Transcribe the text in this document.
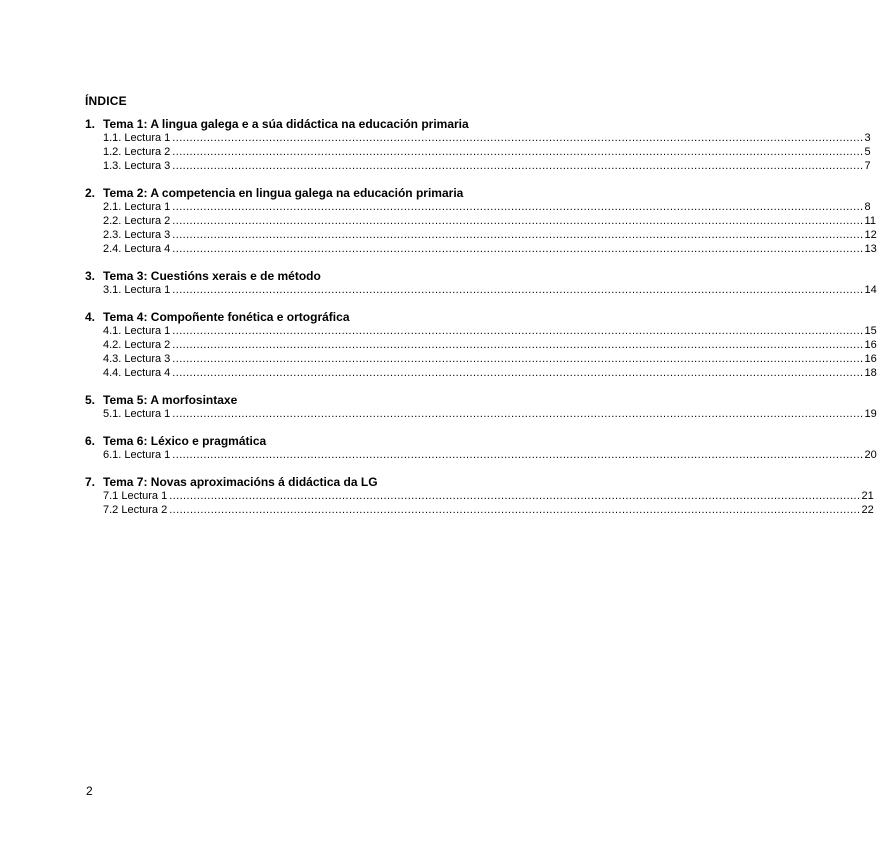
ÍNDICE
1. Tema 1: A lingua galega e a súa didáctica na educación primaria
1.1. Lectura 1 ........................................................................................................................................................................................................ 3
1.2. Lectura 2 ........................................................................................................................................................................................................ 5
1.3. Lectura 3 ........................................................................................................................................................................................................ 7
2. Tema 2: A competencia en lingua galega na educación primaria
2.1. Lectura 1 ........................................................................................................................................................................................................ 8
2.2. Lectura 2 ........................................................................................................................................................................................................ 11
2.3. Lectura 3 ........................................................................................................................................................................................................ 12
2.4. Lectura 4 ........................................................................................................................................................................................................ 13
3. Tema 3: Cuestións xerais e de método
3.1. Lectura 1 ........................................................................................................................................................................................................ 14
4. Tema 4: Compoñente fonética e ortográfica
4.1. Lectura 1 ........................................................................................................................................................................................................ 15
4.2. Lectura 2 ........................................................................................................................................................................................................ 16
4.3. Lectura 3 ........................................................................................................................................................................................................ 16
4.4. Lectura 4 ........................................................................................................................................................................................................ 18
5. Tema 5: A morfosintaxe
5.1. Lectura 1 ........................................................................................................................................................................................................ 19
6. Tema 6: Léxico e pragmática
6.1. Lectura 1 ........................................................................................................................................................................................................ 20
7. Tema 7: Novas aproximacións á didáctica da LG
7.1 Lectura 1 ........................................................................................................................................................................................................ 21
7.2 Lectura 2 ........................................................................................................................................................................................................ 22
2
